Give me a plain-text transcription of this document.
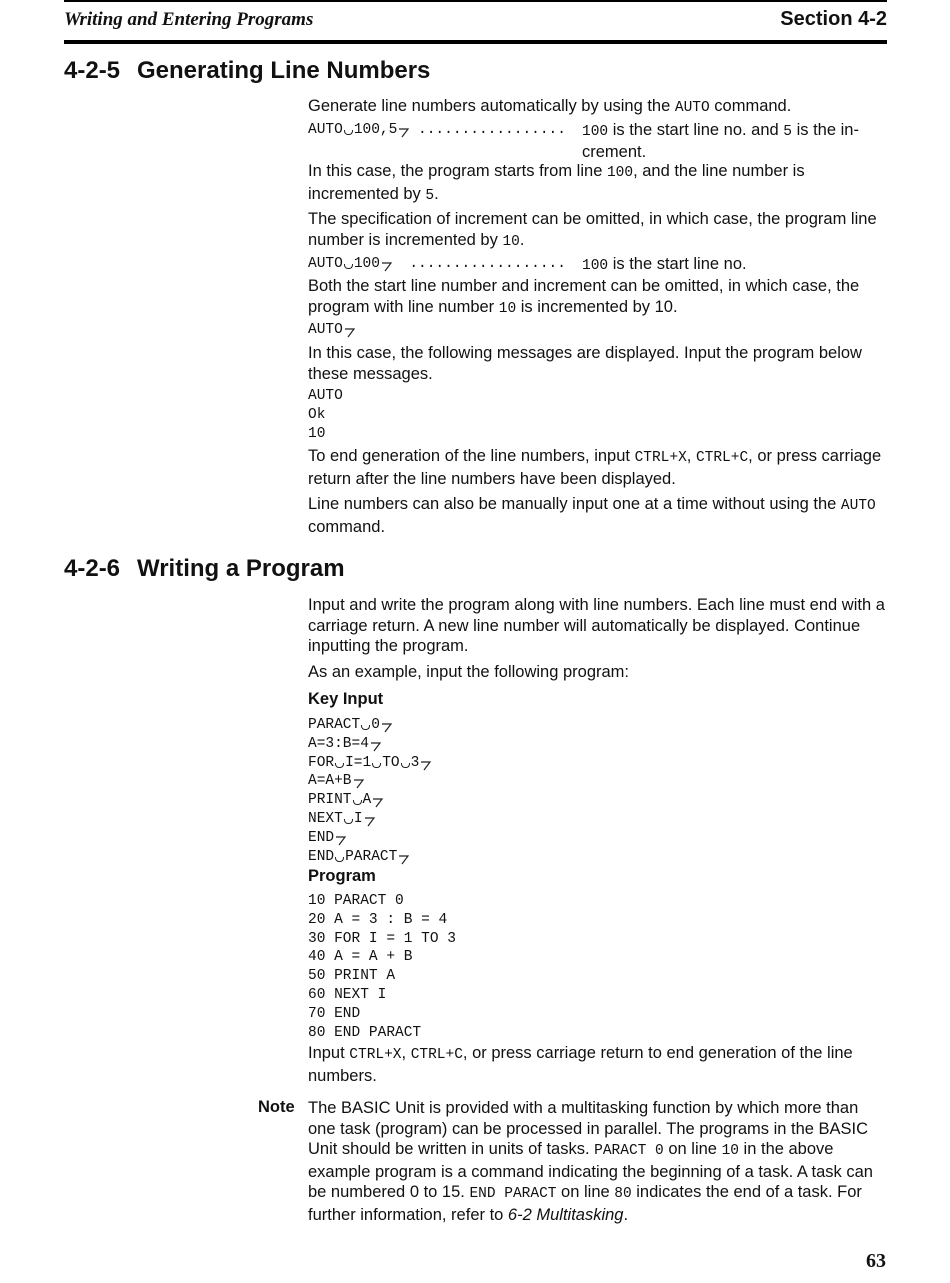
Writing and Entering Programs	Section 4-2
4-2-5 Generating Line Numbers
Generate line numbers automatically by using the AUTO command.
AUTO 100,5 ................. 100 is the start line no. and 5 is the in- crement.
In this case, the program starts from line 100, and the line number is incremented by 5.
The specification of increment can be omitted, in which case, the program line number is incremented by 10.
AUTO 100  .................. 100 is the start line no.
Both the start line number and increment can be omitted, in which case, the program with line number 10 is incremented by 10.
AUTO
In this case, the following messages are displayed. Input the program below these messages.
AUTO
Ok
10
To end generation of the line numbers, input CTRL+X, CTRL+C, or press carriage return after the line numbers have been displayed.
Line numbers can also be manually input one at a time without using the AUTO command.
4-2-6 Writing a Program
Input and write the program along with line numbers. Each line must end with a carriage return. A new line number will automatically be displayed. Continue inputting the program.
As an example, input the following program:
Key Input
PARACT 0
A=3:B=4
FOR I=1 TO 3
A=A+B
PRINT A
NEXT I
END
END PARACT
Program
10 PARACT 0
20 A = 3 : B = 4
30 FOR I = 1 TO 3
40 A = A + B
50 PRINT A
60 NEXT I
70 END
80 END PARACT
Input CTRL+X, CTRL+C, or press carriage return to end generation of the line numbers.
Note The BASIC Unit is provided with a multitasking function by which more than one task (program) can be processed in parallel. The programs in the BASIC Unit should be written in units of tasks. PARACT 0 on line 10 in the above example program is a command indicating the beginning of a task. A task can be numbered 0 to 15. END PARACT on line 80 indicates the end of a task. For further information, refer to 6-2 Multitasking.
63
